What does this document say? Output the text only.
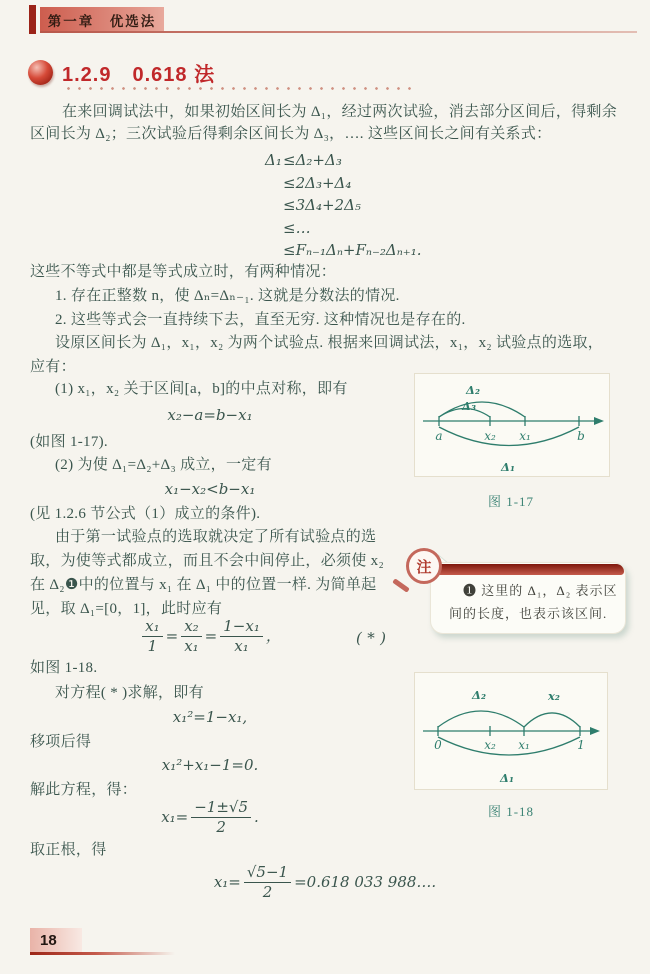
第一章　优选法
1.2.9　0.618 法
在来回调试法中，如果初始区间长为 Δ₁，经过两次试验，消去部分区间后，得剩余
区间长为 Δ₂；三次试验后得剩余区间长为 Δ₃，…. 这些区间长之间有关系式：
Δ₁≤Δ₂+Δ₃
≤2Δ₃+Δ₄
≤3Δ₄+2Δ₅
≤…
≤Fₙ₋₁Δₙ+Fₙ₋₂Δₙ₊₁.
这些不等式中都是等式成立时，有两种情况：
1. 存在正整数 n，使 Δₙ=Δₙ₋₁. 这就是分数法的情况.
2. 这些等式会一直持续下去，直至无穷. 这种情况也是存在的.
设原区间长为 Δ₁，x₁，x₂ 为两个试验点. 根据来回调试法，x₁，x₂ 试验点的选取，
应有：
(1) x₁，x₂ 关于区间[a，b]的中点对称，即有
x₂−a=b−x₁
(如图 1-17).
(2) 为使 Δ₁=Δ₂+Δ₃ 成立，一定有
x₁−x₂<b−x₁
(见 1.2.6 节公式（1）成立的条件).
由于第一试验点的选取就决定了所有试验点的选
取，为使等式都成立，而且不会中间停止，必须使 x₂
在 Δ₂❶中的位置与 x₁ 在 Δ₁ 中的位置一样. 为简单起
见，取 Δ₁=[0，1]，此时应有
$\frac{\text{x₁}}{1} = \frac{\text{x₂}}{\text{x₁}} = \frac{\text{1−x₁}}{\text{x₁}}$ ，	( * )
如图 1-18.
对方程( * )求解，即有
x₁²=1−x₁,
移项后得
x₁²+x₁−1=0.
解此方程，得：
$x_1= \frac{-1\pm√5}{2}$ .
取正根，得
$x_1= \frac{√5-1}{2} =0.618$ 033 988….
Δ₂
Δ₃
Δ₁
a	x₂ x₁	b
图 1-17
❶ 这里的 Δ₁，Δ₂ 表示区
间的长度，也表示该区间.
注
Δ₂	x₂
Δ₁
0	x₂ x₁	1
图 1-18
18
